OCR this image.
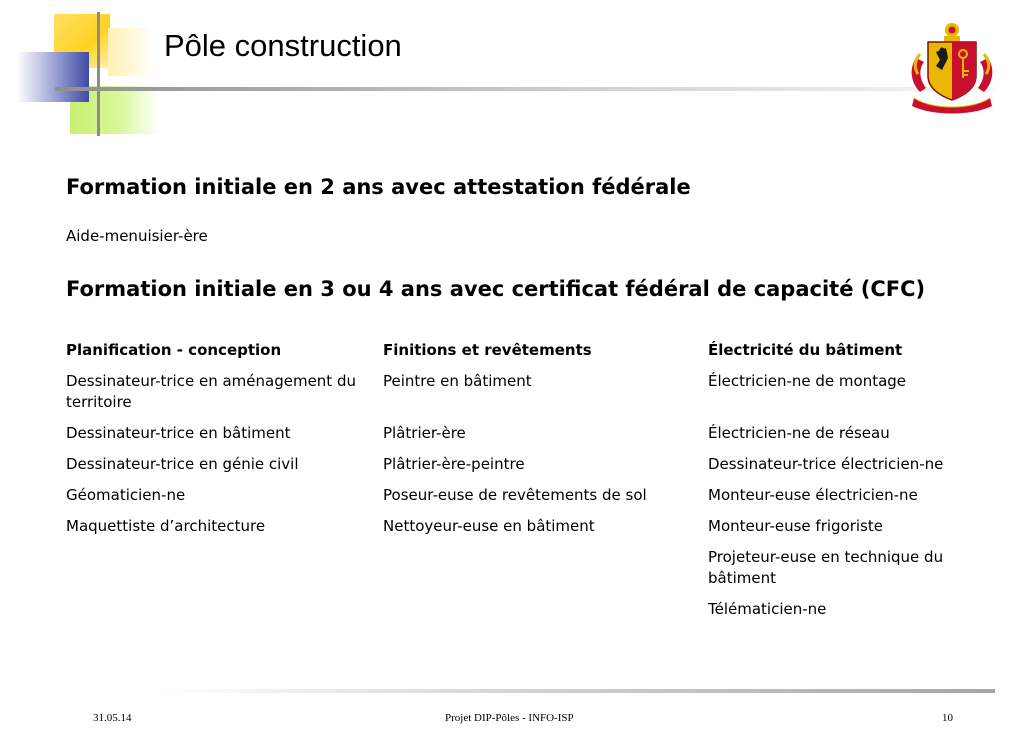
Pôle construction
Formation initiale en 2 ans avec attestation fédérale
Aide-menuisier-ère
Formation initiale en 3 ou 4 ans avec certificat fédéral de capacité (CFC)
Planification - conception
Dessinateur-trice en aménagement du territoire
Dessinateur-trice en bâtiment
Dessinateur-trice en génie civil
Géomaticien-ne
Maquettiste d’architecture
Finitions et revêtements
Peintre en bâtiment
Plâtrier-ère
Plâtrier-ère-peintre
Poseur-euse de revêtements de sol
Nettoyeur-euse en bâtiment
Électricité du bâtiment
Électricien-ne de montage
Électricien-ne de réseau
Dessinateur-trice électricien-ne
Monteur-euse électricien-ne
Monteur-euse frigoriste
Projeteur-euse en technique du bâtiment
Télématicien-ne
31.05.14	Projet DIP-Pôles - INFO-ISP	10
